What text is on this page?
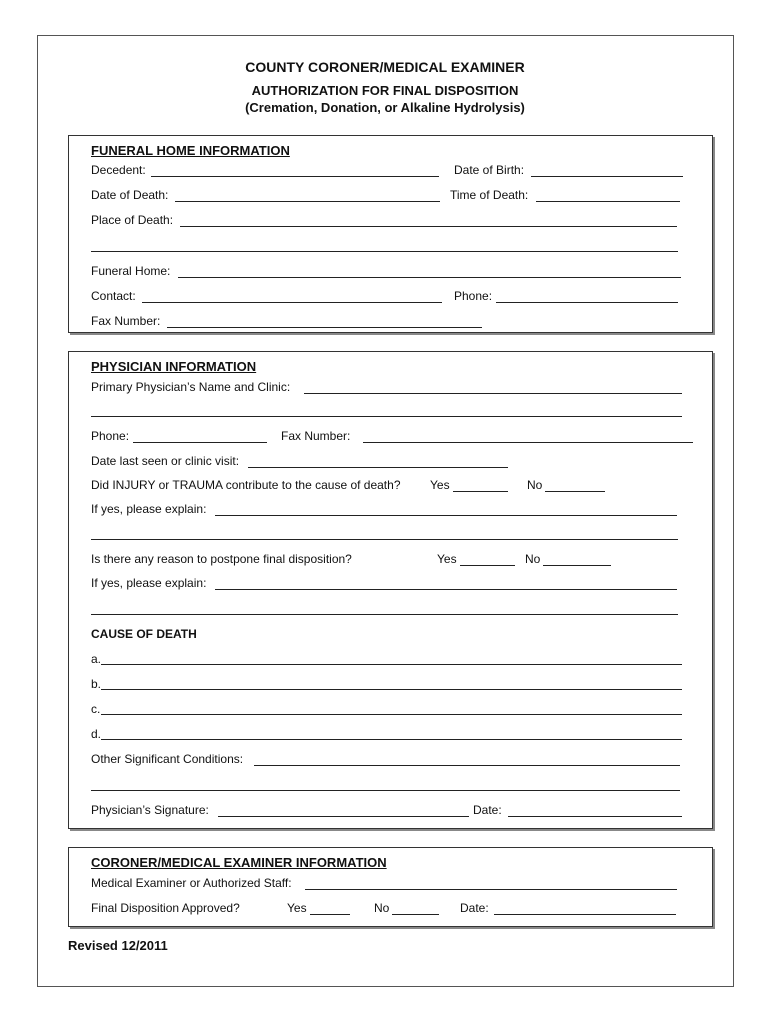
COUNTY CORONER/MEDICAL EXAMINER
AUTHORIZATION FOR FINAL DISPOSITION
(Cremation, Donation, or Alkaline Hydrolysis)
FUNERAL HOME INFORMATION
Decedent:	Date of Birth:
Date of Death:	Time of Death:
Place of Death:
Funeral Home:
Contact:	Phone:
Fax Number:
PHYSICIAN INFORMATION
Primary Physician’s Name and Clinic:
Phone:	Fax Number:
Date last seen or clinic visit:
Did INJURY or TRAUMA contribute to the cause of death? Yes	No
If yes, please explain:
Is there any reason to postpone final disposition?	Yes	No
If yes, please explain:
CAUSE OF DEATH
a.
b.
c.
d.
Other Significant Conditions:
Physician’s Signature:	Date:
CORONER/MEDICAL EXAMINER INFORMATION
Medical Examiner or Authorized Staff:
Final Disposition Approved?	Yes	No	Date:
Revised 12/2011
